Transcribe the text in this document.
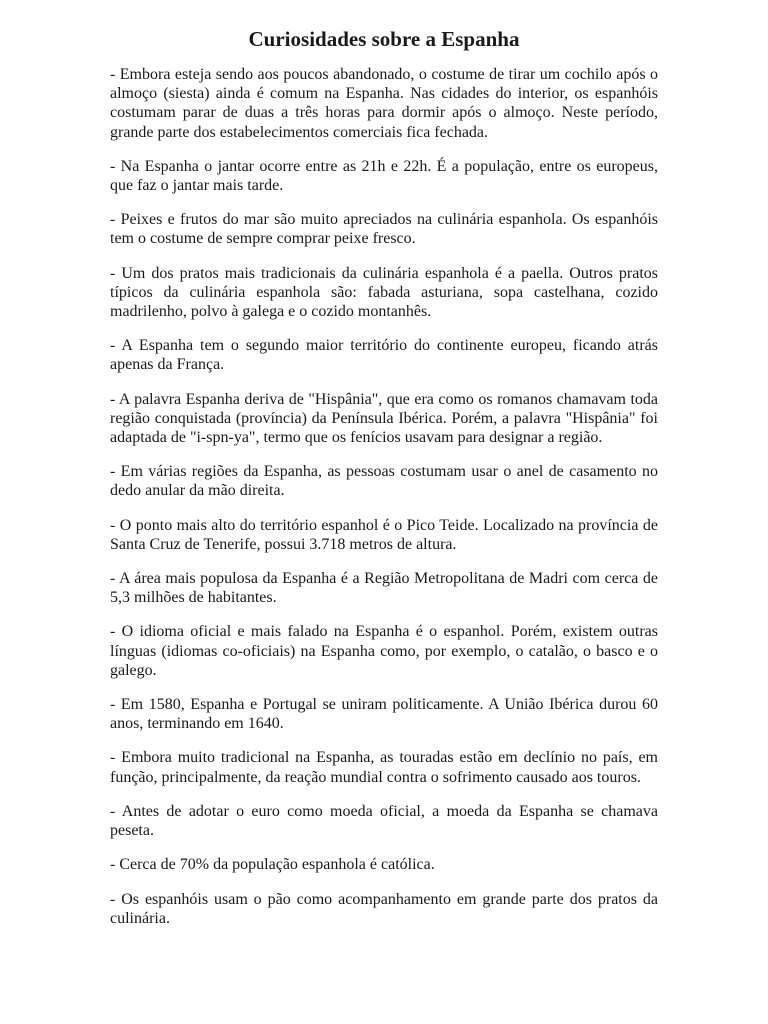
Curiosidades sobre a Espanha

- Embora esteja sendo aos poucos abandonado, o costume de tirar um cochilo após o almoço (siesta) ainda é comum na Espanha. Nas cidades do interior, os espanhóis costumam parar de duas a três horas para dormir após o almoço. Neste período, grande parte dos estabelecimentos comerciais fica fechada.

- Na Espanha o jantar ocorre entre as 21h e 22h. É a população, entre os europeus, que faz o jantar mais tarde.

- Peixes e frutos do mar são muito apreciados na culinária espanhola. Os espanhóis tem o costume de sempre comprar peixe fresco.

- Um dos pratos mais tradicionais da culinária espanhola é a paella. Outros pratos típicos da culinária espanhola são: fabada asturiana, sopa castelhana, cozido madrilenho, polvo à galega e o cozido montanhês.

- A Espanha tem o segundo maior território do continente europeu, ficando atrás apenas da França.

- A palavra Espanha deriva de "Hispânia", que era como os romanos chamavam toda região conquistada (província) da Península Ibérica. Porém, a palavra "Hispânia" foi adaptada de "i-spn-ya", termo que os fenícios usavam para designar a região.

- Em várias regiões da Espanha, as pessoas costumam usar o anel de casamento no dedo anular da mão direita.

- O ponto mais alto do território espanhol é o Pico Teide. Localizado na província de Santa Cruz de Tenerife, possui 3.718 metros de altura.

- A área mais populosa da Espanha é a Região Metropolitana de Madri com cerca de 5,3 milhões de habitantes.

- O idioma oficial e mais falado na Espanha é o espanhol. Porém, existem outras línguas (idiomas co-oficiais) na Espanha como, por exemplo, o catalão, o basco e o galego.

- Em 1580, Espanha e Portugal se uniram politicamente. A União Ibérica durou 60 anos, terminando em 1640.

- Embora muito tradicional na Espanha, as touradas estão em declínio no país, em função, principalmente, da reação mundial contra o sofrimento causado aos touros.

- Antes de adotar o euro como moeda oficial, a moeda da Espanha se chamava peseta.

- Cerca de 70% da população espanhola é católica.

- Os espanhóis usam o pão como acompanhamento em grande parte dos pratos da culinária.
